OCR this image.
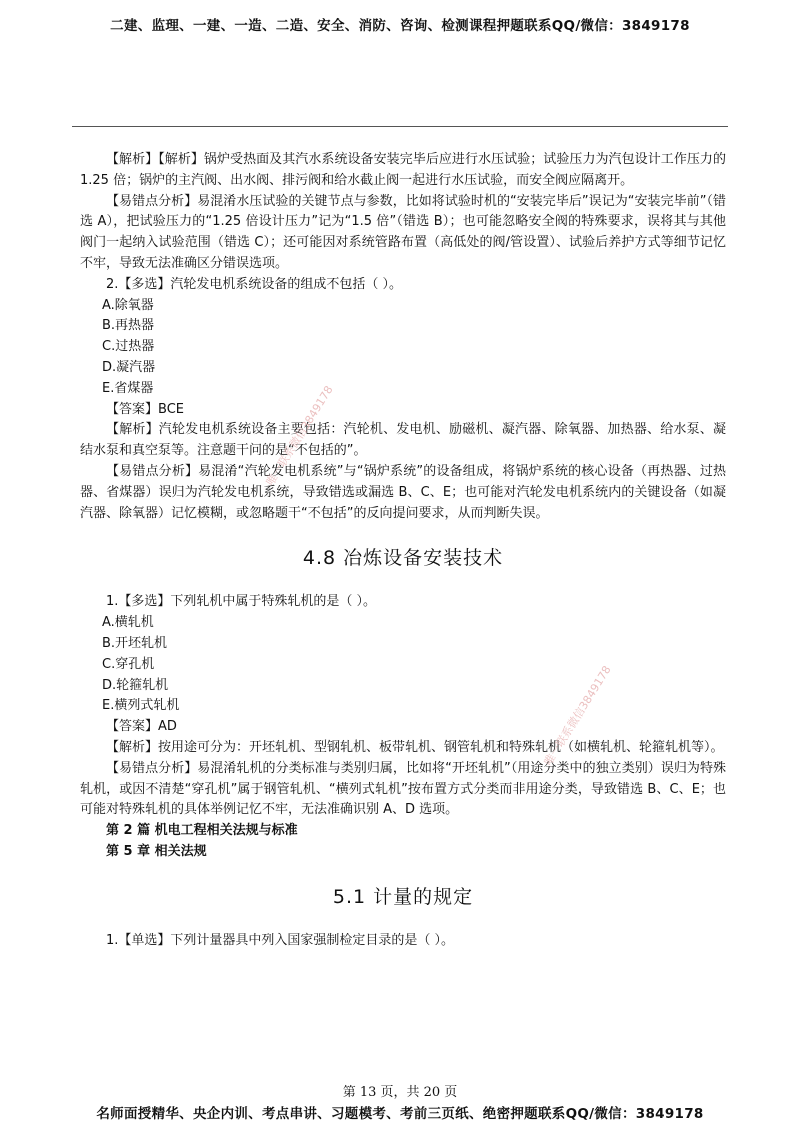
二建、监理、一建、一造、二造、安全、消防、咨询、检测课程押题联系QQ/微信：3849178

【解析】【解析】锅炉受热面及其汽水系统设备安装完毕后应进行水压试验；试验压力为汽包设计工作压力的 1.25 倍；锅炉的主汽阀、出水阀、排污阀和给水截止阀一起进行水压试验，而安全阀应隔离开。

【易错点分析】易混淆水压试验的关键节点与参数，比如将试验时机的“安装完毕后”误记为“安装完毕前”（错选 A），把试验压力的“1.25 倍设计压力”记为“1.5 倍”（错选 B）；也可能忽略安全阀的特殊要求，误将其与其他阀门一起纳入试验范围（错选 C）；还可能因对系统管路布置（高低处的阀/管设置）、试验后养护方式等细节记忆不牢，导致无法准确区分错误选项。

2.【多选】汽轮发电机系统设备的组成不包括（ ）。

A.除氧器

B.再热器

C.过热器

D.凝汽器

E.省煤器

【答案】BCE

【解析】汽轮发电机系统设备主要包括：汽轮机、发电机、励磁机、凝汽器、除氧器、加热器、给水泵、凝结水泵和真空泵等。注意题干问的是“不包括的”。

【易错点分析】易混淆“汽轮发电机系统”与“锅炉系统”的设备组成，将锅炉系统的核心设备（再热器、过热器、省煤器）误归为汽轮发电机系统，导致错选或漏选 B、C、E；也可能对汽轮发电机系统内的关键设备（如凝汽器、除氧器）记忆模糊，或忽略题干“不包括”的反向提问要求，从而判断失误。

4.8 冶炼设备安装技术

1.【多选】下列轧机中属于特殊轧机的是（ ）。

A.横轧机

B.开坯轧机

C.穿孔机

D.轮箍轧机

E.横列式轧机

【答案】AD

【解析】按用途可分为：开坯轧机、型钢轧机、板带轧机、钢管轧机和特殊轧机（如横轧机、轮箍轧机等）。

【易错点分析】易混淆轧机的分类标准与类别归属，比如将“开坯轧机”（用途分类中的独立类别）误归为特殊轧机，或因不清楚“穿孔机”属于钢管轧机、“横列式轧机”按布置方式分类而非用途分类，导致错选 B、C、E；也可能对特殊轧机的具体举例记忆不牢，无法准确识别 A、D 选项。

第 2 篇 机电工程相关法规与标准

第 5 章 相关法规

5.1 计量的规定

1.【单选】下列计量器具中列入国家强制检定目录的是（ ）。

唯一联系微信3849178
唯一联系微信3849178
第 13 页，共 20 页
名师面授精华、央企内训、考点串讲、习题模考、考前三页纸、绝密押题联系QQ/微信：3849178
